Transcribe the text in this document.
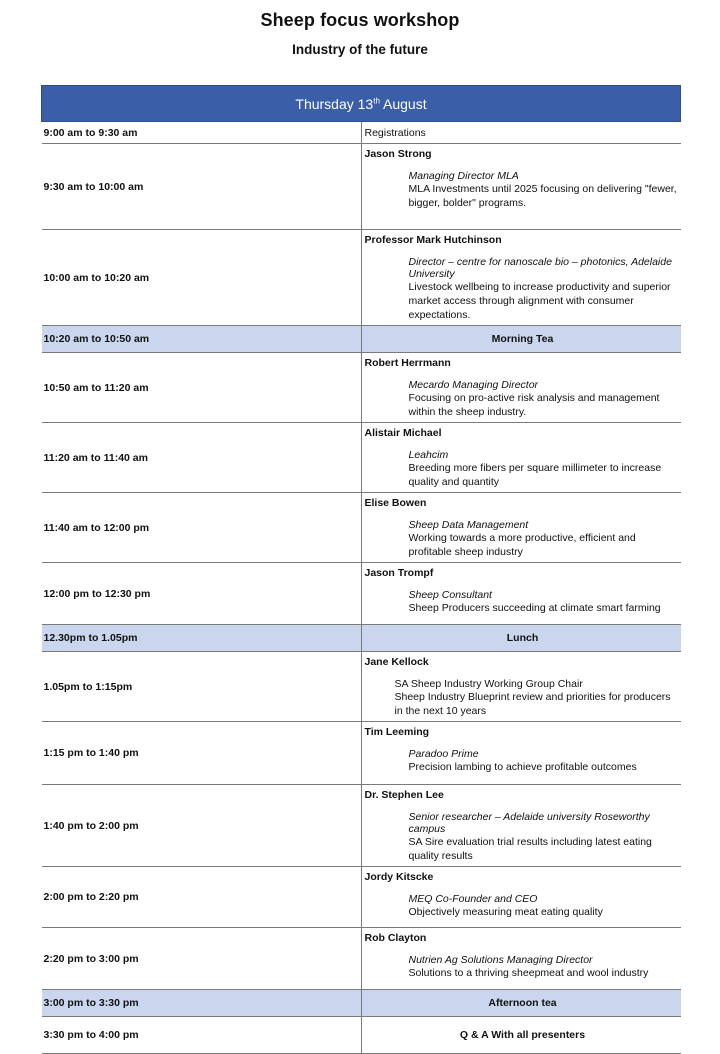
Sheep focus workshop
Industry of the future
Thursday 13th August	
9:00 am to 9:30 am	Registrations
9:30 am to 10:00 am	Jason Strong
Managing Director MLA
MLA Investments until 2025 focusing on delivering "fewer, bigger, bolder" programs.

10:00 am to 10:20 am	Professor Mark Hutchinson
Director – centre for nanoscale bio – photonics, Adelaide University
Livestock wellbeing to increase productivity and superior market access through alignment with consumer expectations.

10:20 am to 10:50 am	Morning Tea
10:50 am to 11:20 am	Robert Herrmann
Mecardo Managing Director
Focusing on pro-active risk analysis and management within the sheep industry.

11:20 am to 11:40 am	Alistair Michael
Leahcim
Breeding more fibers per square millimeter to increase quality and quantity

11:40 am to 12:00 pm	Elise Bowen
Sheep Data Management
Working towards a more productive, efficient and profitable sheep industry

12:00 pm to 12:30 pm	Jason Trompf
Sheep Consultant
Sheep Producers succeeding at climate smart farming

12.30pm to 1.05pm	Lunch
1.05pm to 1:15pm	Jane Kellock
SA Sheep Industry Working Group Chair
Sheep Industry Blueprint review and priorities for producers in the next 10 years

1:15 pm to 1:40 pm	Tim Leeming
Paradoo Prime
Precision lambing to achieve profitable outcomes

1:40 pm to 2:00 pm	Dr. Stephen Lee
Senior researcher – Adelaide university Roseworthy campus
SA Sire evaluation trial results including latest eating quality results

2:00 pm to 2:20 pm	Jordy Kitscke
MEQ Co-Founder and CEO
Objectively measuring meat eating quality

2:20 pm to 3:00 pm	Rob Clayton
Nutrien Ag Solutions Managing Director
Solutions to a thriving sheepmeat and wool industry

3:00 pm to 3:30 pm	Afternoon tea
3:30 pm to 4:00 pm	Q & A With all presenters
